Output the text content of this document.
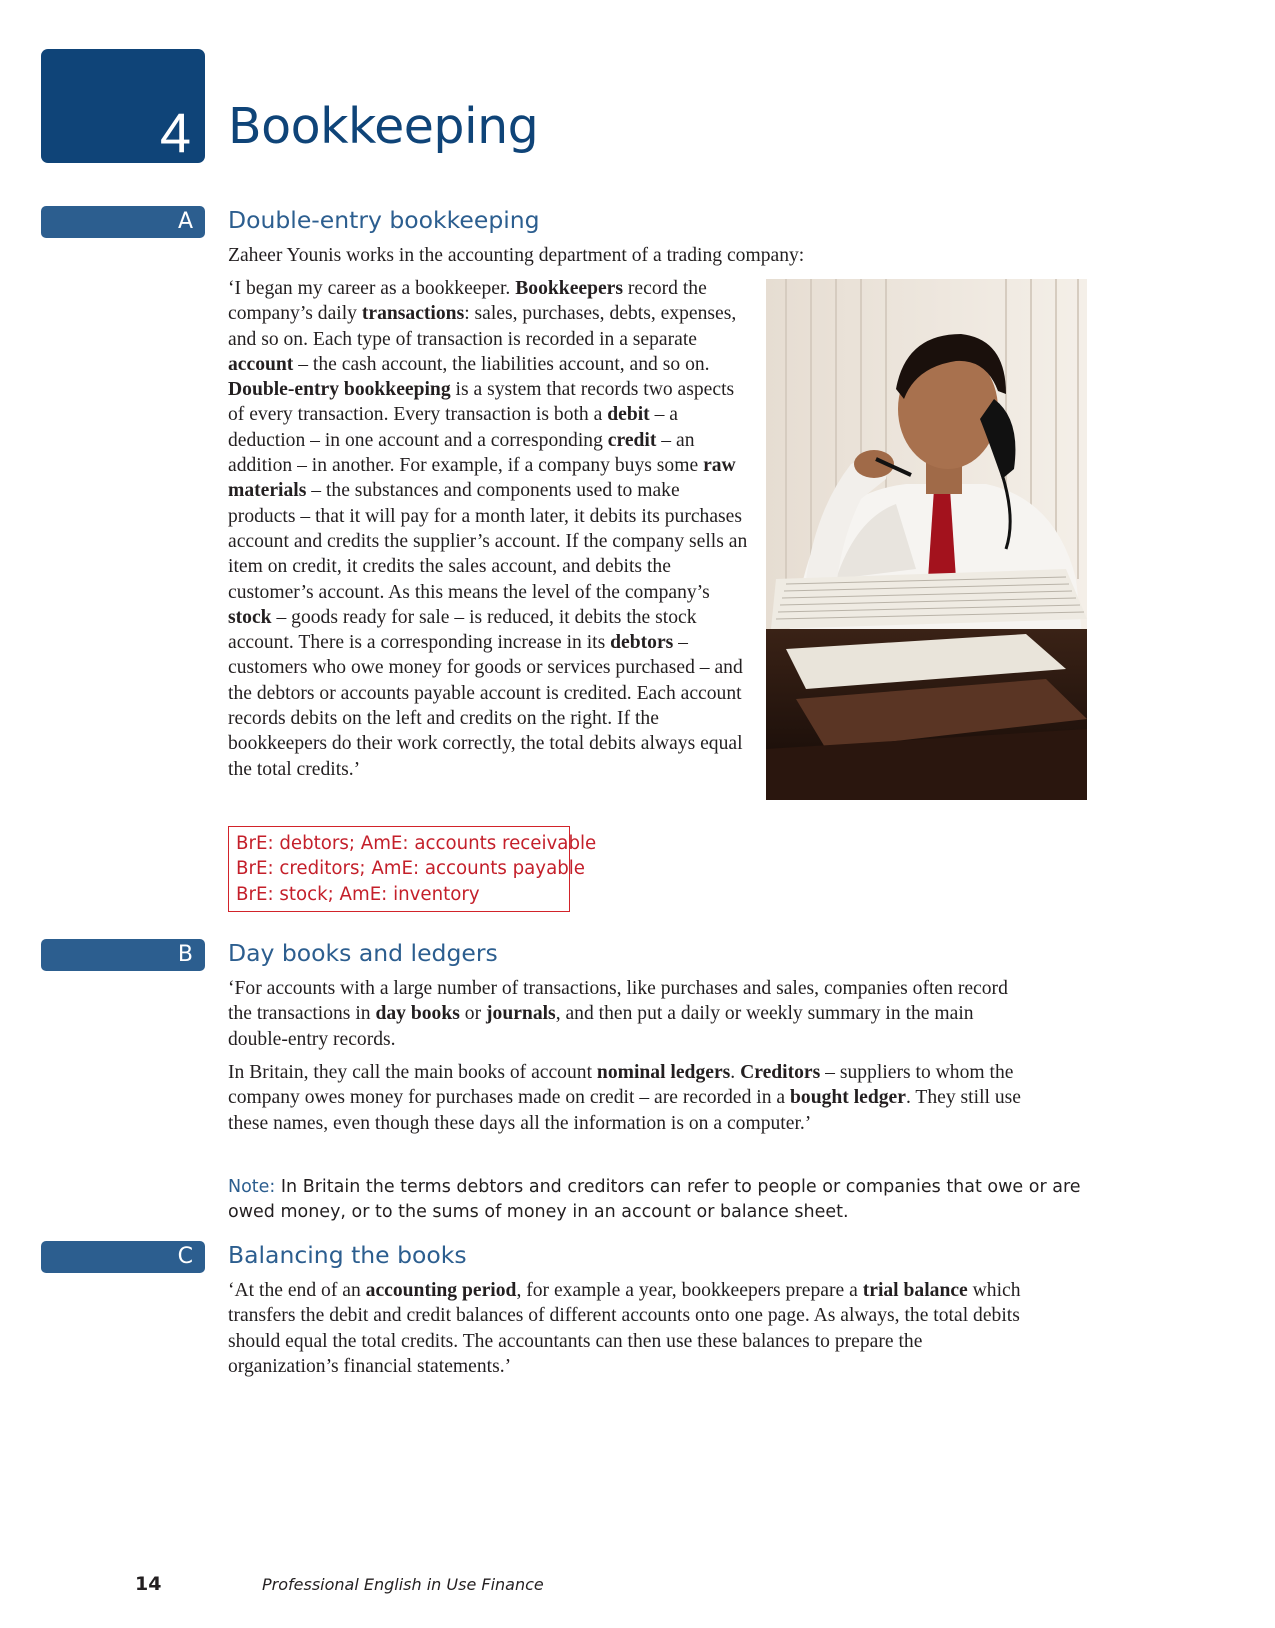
4 Bookkeeping
A	Double-entry bookkeeping

Zaheer Younis works in the accounting department of a trading company:

‘I began my career as a bookkeeper. Bookkeepers record the company’s daily transactions: sales, purchases, debts, expenses, and so on. Each type of transaction is recorded in a separate account – the cash account, the liabilities account, and so on. Double-entry bookkeeping is a system that records two aspects of every transaction. Every transaction is both a debit – a deduction – in one account and a corresponding credit – an addition – in another. For example, if a company buys some raw materials – the substances and components used to make products – that it will pay for a month later, it debits its purchases account and credits the supplier’s account. If the company sells an item on credit, it credits the sales account, and debits the customer’s account. As this means the level of the company’s stock – goods ready for sale – is reduced, it debits the stock account. There is a corresponding increase in its debtors – customers who owe money for goods or services purchased – and the debtors or accounts payable account is credited. Each account records debits on the left and credits on the right. If the bookkeepers do their work correctly, the total debits always equal the total credits.’

BrE: debtors; AmE: accounts receivable
BrE: creditors; AmE: accounts payable
BrE: stock; AmE: inventory
B	Day books and ledgers

‘For accounts with a large number of transactions, like purchases and sales, companies often record the transactions in day books or journals, and then put a daily or weekly summary in the main double-entry records.

In Britain, they call the main books of account nominal ledgers. Creditors – suppliers to whom the company owes money for purchases made on credit – are recorded in a bought ledger. They still use these names, even though these days all the information is on a computer.’

Note: In Britain the terms debtors and creditors can refer to people or companies that owe or are owed money, or to the sums of money in an account or balance sheet.

C	Balancing the books

‘At the end of an accounting period, for example a year, bookkeepers prepare a trial balance which transfers the debit and credit balances of different accounts onto one page. As always, the total debits should equal the total credits. The accountants can then use these balances to prepare the organization’s financial statements.’

14	Professional English in Use Finance
